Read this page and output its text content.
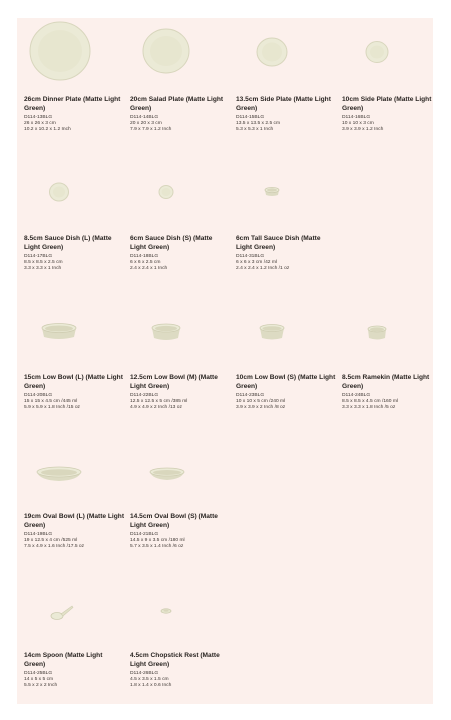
26cm Dinner Plate (Matte Light Green)
D114-13BLG
26 x 26 x 3 cm
10.2 x 10.2 x 1.2 Inch
20cm Salad Plate (Matte Light Green)
D114-14BLG
20 x 20 x 3 cm
7.9 x 7.9 x 1.2 Inch
13.5cm Side Plate (Matte Light Green)
D114-15BLG
13.5 x 13.5 x 2.5 cm
5.3 x 5.3 x 1 Inch
10cm Side Plate (Matte Light Green)
D114-16BLG
10 x 10 x 3 cm
3.9 x 3.9 x 1.2 Inch
8.5cm Sauce Dish (L) (Matte Light Green)
D114-17BLG
8.5 x 8.5 x 2.5 cm
3.3 x 3.3 x 1 Inch
6cm Sauce Dish (S) (Matte Light Green)
D114-18BLG
6 x 6 x 2.5 cm
2.4 x 2.4 x 1 Inch
6cm Tall Sauce Dish (Matte Light Green)
D114-31BLG
6 x 6 x 3 cm /42 ml
2.4 x 2.4 x 1.2 Inch /1 oz
15cm Low Bowl (L) (Matte Light Green)
D114-20BLG
15 x 15 x 4.5 cm /445 ml
5.9 x 5.9 x 1.8 Inch /15 oz
12.5cm Low Bowl (M) (Matte Light Green)
D114-22BLG
12.5 x 12.5 x 5 cm /385 ml
4.9 x 4.9 x 2 Inch /13 oz
10cm Low Bowl (S) (Matte Light Green)
D114-23BLG
10 x 10 x 5 cm /240 ml
3.9 x 3.9 x 2 Inch /8 oz
8.5cm Ramekin (Matte Light Green)
D114-24BLG
8.5 x 8.5 x 4.5 cm /160 ml
3.3 x 3.3 x 1.8 Inch /5 oz
19cm Oval Bowl (L) (Matte Light Green)
D114-19BLG
19 x 12.5 x 4 cm /525 ml
7.5 x 4.9 x 1.6 Inch /17.5 oz
14.5cm Oval Bowl (S) (Matte Light Green)
D114-21BLG
14.5 x 9 x 3.5 cm /180 ml
5.7 x 3.5 x 1.4 Inch /6 oz
14cm Spoon (Matte Light Green)
D114-25BLG
14 x 5 x 5 cm
5.5 x 2 x 2 Inch
4.5cm Chopstick Rest (Matte Light Green)
D114-26BLG
4.5 x 3.5 x 1.5 cm
1.8 x 1.4 x 0.6 Inch
